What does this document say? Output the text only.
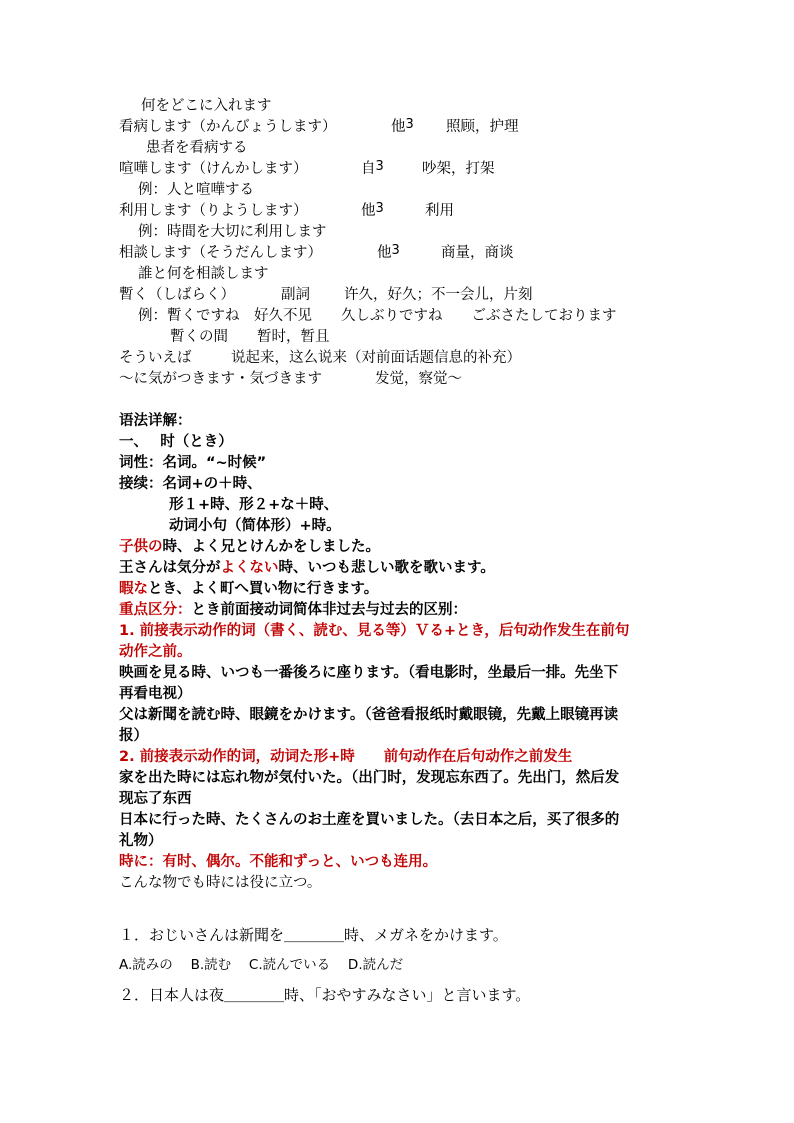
何をどこに入れます
看病します（かんびょうします）	他3 照顾，护理
患者を看病する
喧嘩します（けんかします）	自3	吵架，打架
例：人と喧嘩する
利用します（りようします）	他3	利用
例：時間を大切に利用します
相談します（そうだんします）	他3	商量，商谈
誰と何を相談します
暫く（しばらく）	副詞 许久，好久；不一会儿，片刻
例：暫くですね　好久不见　　久しぶりですね　　ごぶさたしております
暫くの間　　暂时，暂且
そういえば	说起来，这么说来（对前面话题信息的补充）
～に気がつきます・気づきます	发觉，察觉～
语法详解：
一、　 时（とき）
词性：名词。“~时候”
接续：名词+の＋時、
形１+時、形２+な＋時、
动词小句（简体形）+時。
子供の時、よく兄とけんかをしました。
王さんは気分がよくない時、いつも悲しい歌を歌います。
暇なとき、よく町へ買い物に行きます。
重点区分：とき前面接动词简体非过去与过去的区别：
1. 前接表示动作的词（書く、読む、見る等）Ｖる+とき，后句动作发生在前句
动作之前。
映画を見る時、いつも一番後ろに座ります。（看电影时，坐最后一排。先坐下
再看电视）
父は新聞を読む時、眼鏡をかけます。（爸爸看报纸时戴眼镜，先戴上眼镜再读
报）
2. 前接表示动作的词，动词た形+時　　前句动作在后句动作之前发生
家を出た時には忘れ物が気付いた。（出门时，发现忘东西了。先出门，然后发
现忘了东西
日本に行った時、たくさんのお土産を買いました。（去日本之后，买了很多的
礼物）
時に：有时、偶尔。不能和ずっと、いつも连用。
こんな物でも時には役に立つ。
１．おじいさんは新聞を＿＿＿＿時、メガネをかけます。
A.読みの　 B.読む　 C.読んでいる　 D.読んだ
２．日本人は夜＿＿＿＿時、「おやすみなさい」と言います。
